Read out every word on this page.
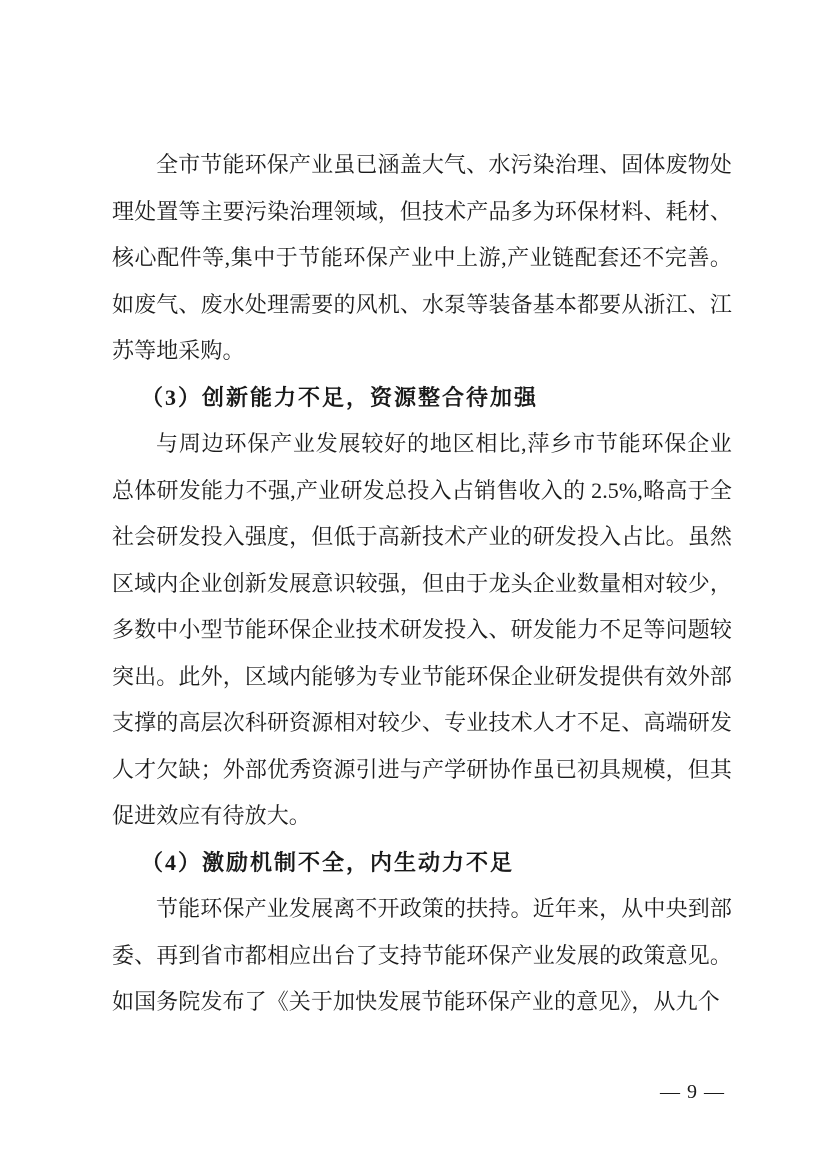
全市节能环保产业虽已涵盖大气、水污染治理、固体废物处理处置等主要污染治理领域，但技术产品多为环保材料、耗材、核心配件等,集中于节能环保产业中上游,产业链配套还不完善。如废气、废水处理需要的风机、水泵等装备基本都要从浙江、江苏等地采购。

（3）创新能力不足，资源整合待加强

与周边环保产业发展较好的地区相比,萍乡市节能环保企业总体研发能力不强,产业研发总投入占销售收入的 2.5%,略高于全社会研发投入强度，但低于高新技术产业的研发投入占比。虽然区域内企业创新发展意识较强，但由于龙头企业数量相对较少，多数中小型节能环保企业技术研发投入、研发能力不足等问题较突出。此外，区域内能够为专业节能环保企业研发提供有效外部支撑的高层次科研资源相对较少、专业技术人才不足、高端研发人才欠缺；外部优秀资源引进与产学研协作虽已初具规模，但其促进效应有待放大。

（4）激励机制不全，内生动力不足

节能环保产业发展离不开政策的扶持。近年来，从中央到部委、再到省市都相应出台了支持节能环保产业发展的政策意见。如国务院发布了《关于加快发展节能环保产业的意见》，从九个

— 9 —
